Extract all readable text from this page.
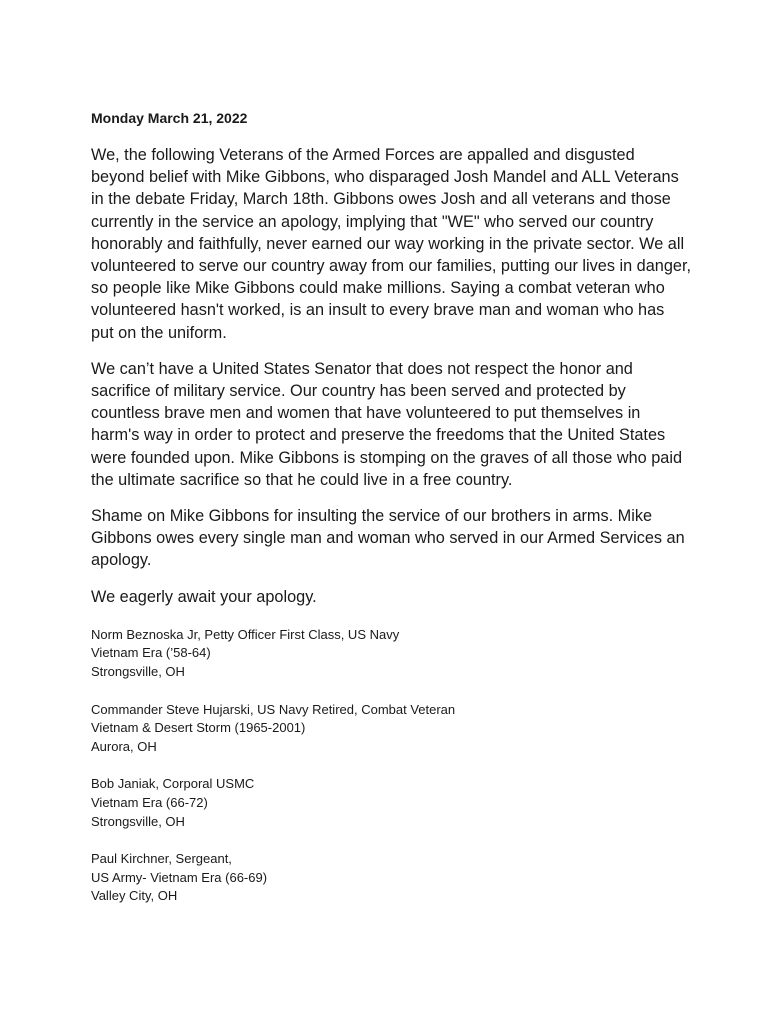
Monday March 21, 2022

We, the following Veterans of the Armed Forces are appalled and disgusted beyond belief with Mike Gibbons, who disparaged Josh Mandel and ALL Veterans in the debate Friday, March 18th. Gibbons owes Josh and all veterans and those currently in the service an apology, implying that "WE" who served our country honorably and faithfully, never earned our way working in the private sector. We all volunteered to serve our country away from our families, putting our lives in danger, so people like Mike Gibbons could make millions. Saying a combat veteran who volunteered hasn't worked, is an insult to every brave man and woman who has put on the uniform.

We can’t have a United States Senator that does not respect the honor and sacrifice of military service. Our country has been served and protected by countless brave men and women that have volunteered to put themselves in harm's way in order to protect and preserve the freedoms that the United States were founded upon. Mike Gibbons is stomping on the graves of all those who paid the ultimate sacrifice so that he could live in a free country.

Shame on Mike Gibbons for insulting the service of our brothers in arms. Mike Gibbons owes every single man and woman who served in our Armed Services an apology.

We eagerly await your apology.

Norm Beznoska Jr, Petty Officer First Class, US Navy
Vietnam Era (’58-64)
Strongsville, OH
Commander Steve Hujarski, US Navy Retired, Combat Veteran
Vietnam & Desert Storm (1965-2001)
Aurora, OH
Bob Janiak, Corporal USMC
Vietnam Era (66-72)
Strongsville, OH
Paul Kirchner, Sergeant,
US Army- Vietnam Era (66-69)
Valley City, OH
